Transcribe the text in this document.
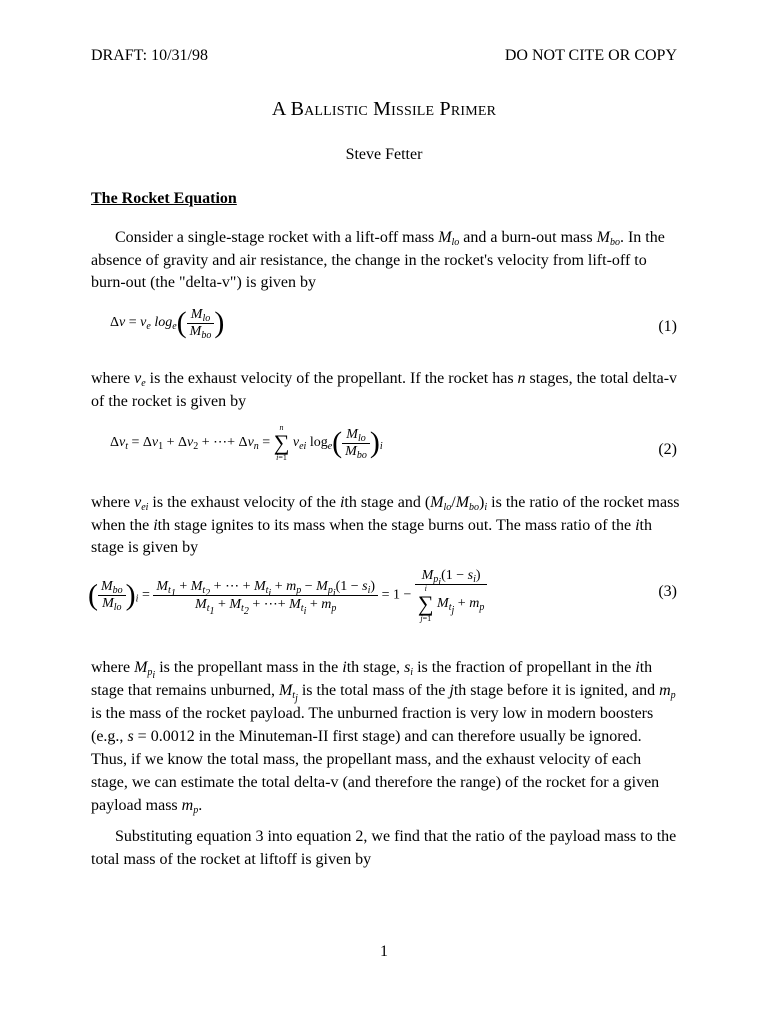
DRAFT: 10/31/98	DO NOT CITE OR COPY
A Ballistic Missile Primer
Steve Fetter
The Rocket Equation
Consider a single-stage rocket with a lift-off mass $M_{lo}$ and a burn-out mass $M_{bo}$. In the absence of gravity and air resistance, the change in the rocket's velocity from lift-off to burn-out (the "delta-v") is given by
$\Delta v = v_e$ $\log_e( \frac{M_{lo}}{M_{bo}}$ )	(1)
where $v_e$ is the exhaust velocity of the propellant. If the rocket has n stages, the total delta-v of the rocket is given by
$\Delta v_t = \Delta v_1 + \Delta v_2$ + ⋯+ $\Delta v_n$ =
n
∑
i=1
$v_{ei}$ $\log_e( \frac{M_{lo}}{M_{bo}} )_i$	(2)
where $v_{ei}$ is the exhaust velocity of the ith stage and $(M_{lo}/M_{bo})_i$ is the ratio of the rocket mass when the ith stage ignites to its mass when the stage burns out. The mass ratio of the ith stage is given by
( $\frac{M_{bo}}{M_{lo}} )_i = \frac{M_{t_1} + M_{t_2} + \cdots + M_{t_i} + m_p - M_{p_i}(1 - s_i)}{M_{t_1} + M_{t_2} + \cdots+ M_{t_i} + m_p} = 1 - M_{p_i}(1 - s_i)$
i
∑
j=1
$M_{t_j} + m_p$	(3)
where $M_{p_i}$ is the propellant mass in the ith stage, $s_i$ is the fraction of propellant in the ith stage that remains unburned, $M_{t_j}$ is the total mass of the jth stage before it is ignited, and $m_p$ is the mass of the rocket payload. The unburned fraction is very low in modern boosters (e.g., s = 0.0012 in the Minuteman-II first stage) and can therefore usually be ignored. Thus, if we know the total mass, the propellant mass, and the exhaust velocity of each stage, we can estimate the total delta-v (and therefore the range) of the rocket for a given payload mass $m_p$.
Substituting equation 3 into equation 2, we find that the ratio of the payload mass to the total mass of the rocket at liftoff is given by
1
